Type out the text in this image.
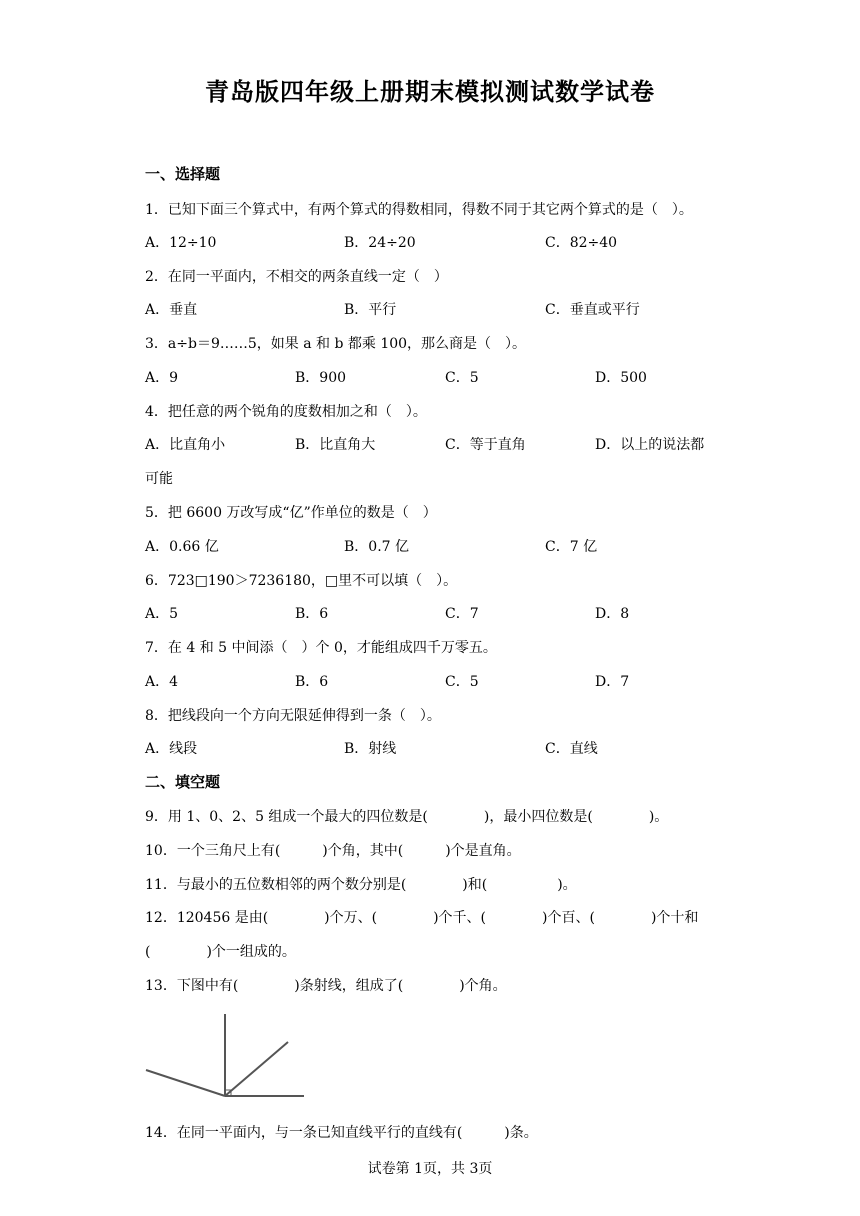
青岛版四年级上册期末模拟测试数学试卷
一、选择题
1．已知下面三个算式中，有两个算式的得数相同，得数不同于其它两个算式的是（　）。
A．12÷10	B．24÷20	C．82÷40
2．在同一平面内，不相交的两条直线一定（　）
A．垂直	B．平行	C．垂直或平行
3．a÷b＝9……5，如果 a 和 b 都乘 100，那么商是（　）。
A．9	B．900	C．5	D．500
4．把任意的两个锐角的度数相加之和（　）。
A．比直角小	B．比直角大	C．等于直角	D．以上的说法都
可能
5．把 6600 万改写成“亿”作单位的数是（　）
A．0.66 亿	B．0.7 亿	C．7 亿
6．723□190＞7236180，□里不可以填（　）。
A．5	B．6	C．7	D．8
7．在 4 和 5 中间添（　）个 0，才能组成四千万零五。
A．4	B．6	C．5	D．7
8．把线段向一个方向无限延伸得到一条（　）。
A．线段	B．射线	C．直线
二、填空题
9．用 1、0、2、5 组成一个最大的四位数是(　　　　)，最小四位数是(　　　　)。
10．一个三角尺上有(　　　)个角，其中(　　　)个是直角。
11．与最小的五位数相邻的两个数分别是(　　　　)和(　　　　　)。
12．120456 是由(　　　　)个万、(　　　　)个千、(　　　　)个百、(　　　　)个十和
(　　　　)个一组成的。
13．下图中有(　　　　)条射线，组成了(　　　　)个角。
14．在同一平面内，与一条已知直线平行的直线有(　　　)条。
试卷第 1页，共 3页
